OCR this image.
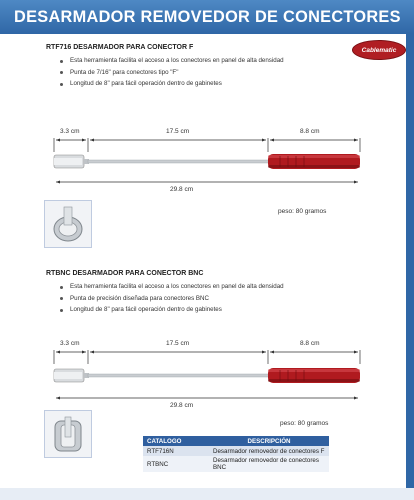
DESARMADOR REMOVEDOR DE CONECTORES
Cablematic
RTF716 DESARMADOR PARA CONECTOR F
Esta herramienta facilita el acceso a los conectores en panel de alta densidad
Punta de 7/16" para conectores tipo "F"
Longitud de 8" para fácil operación dentro de gabinetes
3.3 cm	17.5 cm	8.8 cm
29.8 cm
peso: 80 gramos
RTBNC DESARMADOR PARA CONECTOR BNC
Esta herramienta facilita el acceso a los conectores en panel de alta densidad
Punta de precisión diseñada para conectores BNC
Longitud de 8" para fácil operación dentro de gabinetes
3.3 cm	17.5 cm	8.8 cm
29.8 cm
peso: 80 gramos
CATALOGO	DESCRIPCIÓN
RTF716N	Desarmador removedor de conectores F
RTBNC	Desarmador removedor de conectores BNC
